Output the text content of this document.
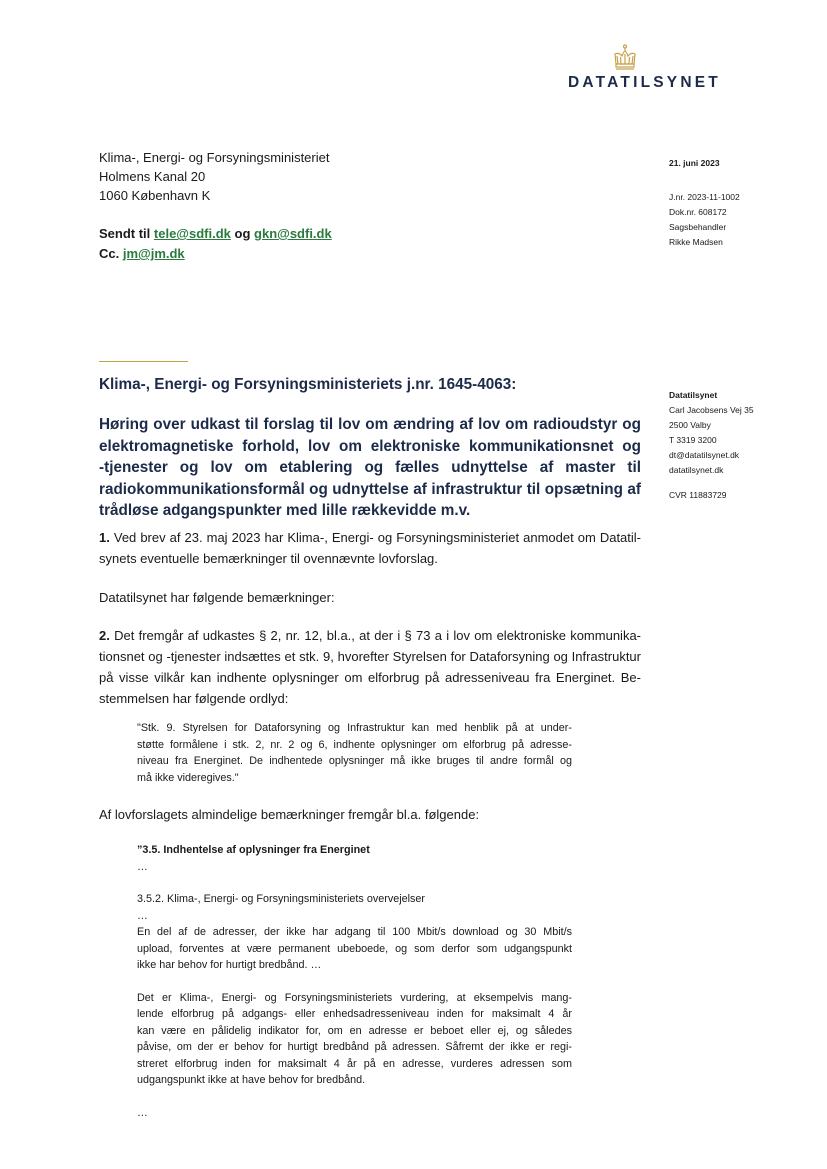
DATATILSYNET
Klima-, Energi- og Forsyningsministeriet
Holmens Kanal 20
1060 København K
Sendt til tele@sdfi.dk og gkn@sdfi.dk
Cc. jm@jm.dk
21. juni 2023
J.nr. 2023-11-1002
Dok.nr. 608172
Sagsbehandler
Rikke Madsen
Datatilsynet
Carl Jacobsens Vej 35
2500 Valby
T 3319 3200
dt@datatilsynet.dk
datatilsynet.dk
CVR 11883729
Klima-, Energi- og Forsyningsministeriets j.nr. 1645-4063:
Høring over udkast til forslag til lov om ændring af lov om radioudstyr og
elektromagnetiske forhold, lov om elektroniske kommunikationsnet og
-tjenester og lov om etablering og fælles udnyttelse af master til
radiokommunikationsformål og udnyttelse af infrastruktur til opsætning af
trådløse adgangspunkter med lille rækkevidde m.v.
1. Ved brev af 23. maj 2023 har Klima-, Energi- og Forsyningsministeriet anmodet om Datatil-
synets eventuelle bemærkninger til ovennævnte lovforslag.
Datatilsynet har følgende bemærkninger:
2. Det fremgår af udkastes § 2, nr. 12, bl.a., at der i § 73 a i lov om elektroniske kommunika-
tionsnet og -tjenester indsættes et stk. 9, hvorefter Styrelsen for Dataforsyning og Infrastruktur
på visse vilkår kan indhente oplysninger om elforbrug på adresseniveau fra Energinet. Be-
stemmelsen har følgende ordlyd:
"Stk. 9. Styrelsen for Dataforsyning og Infrastruktur kan med henblik på at under-
støtte formålene i stk. 2, nr. 2 og 6, indhente oplysninger om elforbrug på adresse-
niveau fra Energinet. De indhentede oplysninger må ikke bruges til andre formål og
må ikke videregives."
Af lovforslagets almindelige bemærkninger fremgår bl.a. følgende:
”3.5. Indhentelse af oplysninger fra Energinet
…
3.5.2. Klima-, Energi- og Forsyningsministeriets overvejelser
…
En del af de adresser, der ikke har adgang til 100 Mbit/s download og 30 Mbit/s
upload, forventes at være permanent ubeboede, og som derfor som udgangspunkt
ikke har behov for hurtigt bredbånd. …
Det er Klima-, Energi- og Forsyningsministeriets vurdering, at eksempelvis mang-
lende elforbrug på adgangs- eller enhedsadresseniveau inden for maksimalt 4 år
kan være en pålidelig indikator for, om en adresse er beboet eller ej, og således
påvise, om der er behov for hurtigt bredbånd på adressen. Såfremt der ikke er regi-
streret elforbrug inden for maksimalt 4 år på en adresse, vurderes adressen som
udgangspunkt ikke at have behov for bredbånd.
…
